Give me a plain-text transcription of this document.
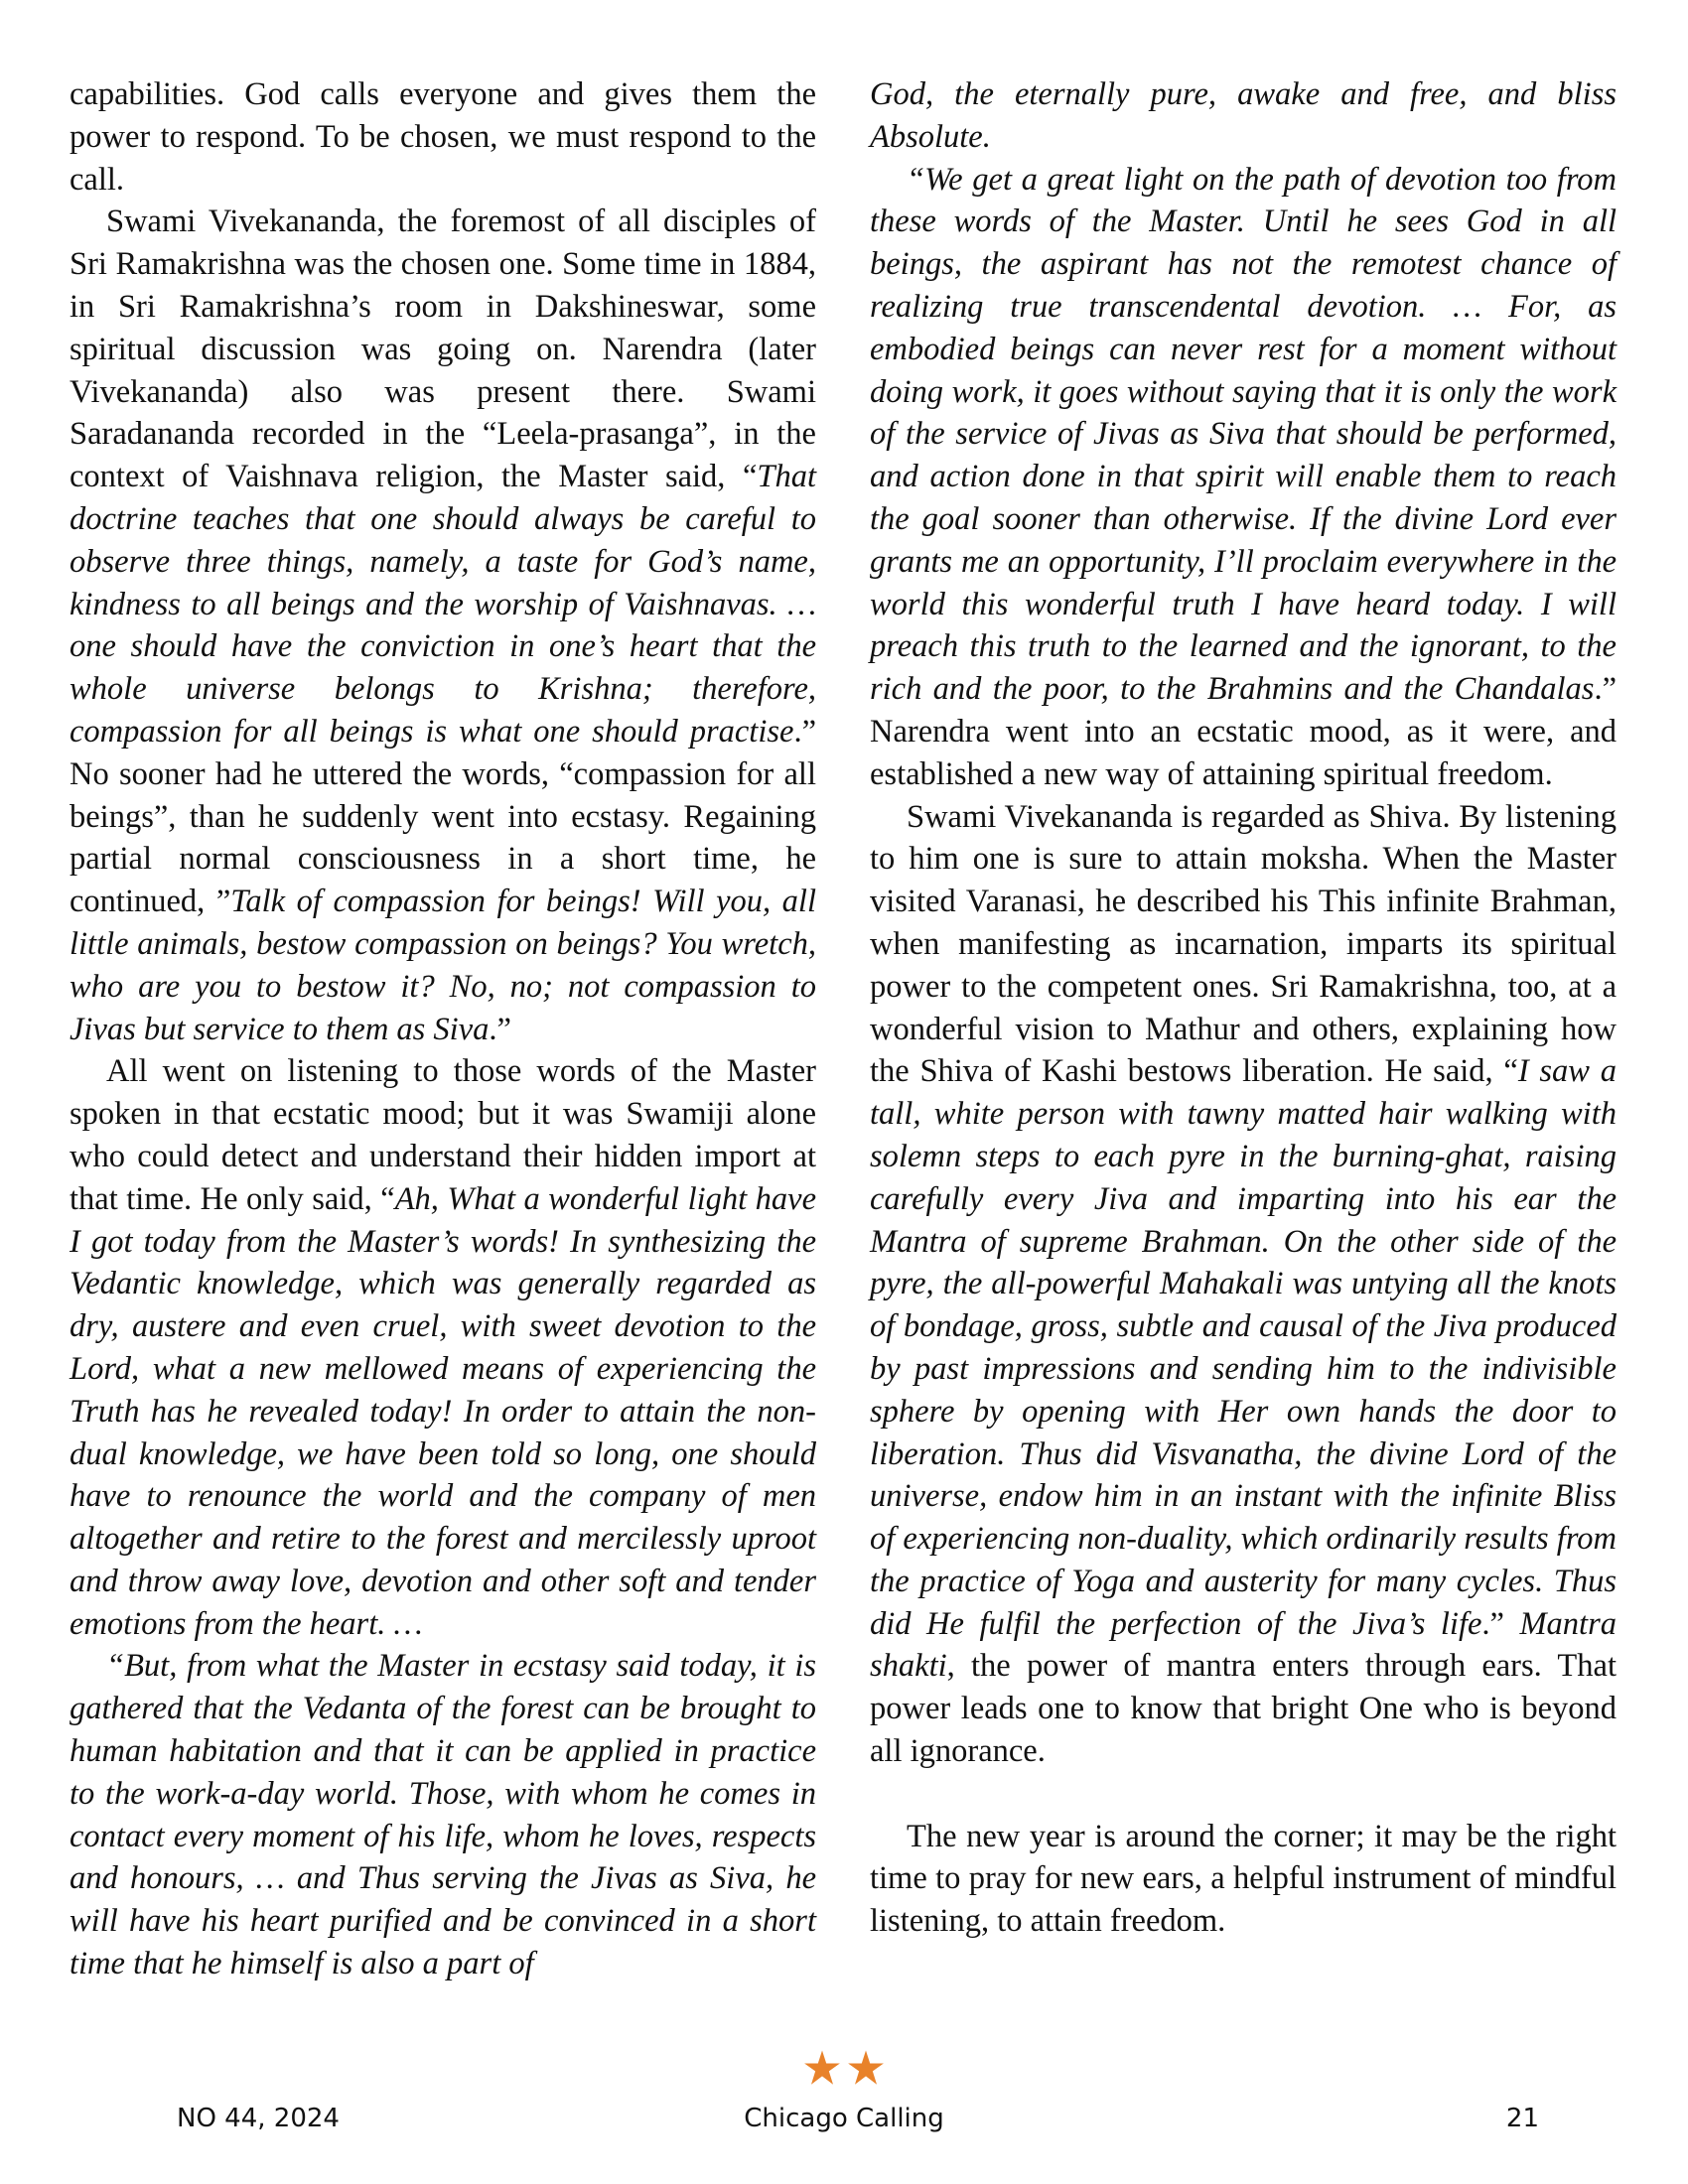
capabilities. God calls everyone and gives them the power to respond. To be chosen, we must respond to the call.

Swami Vivekananda, the foremost of all disciples of Sri Ramakrishna was the chosen one. Some time in 1884, in Sri Ramakrishna’s room in Dakshineswar, some spiritual discussion was going on. Narendra (later Vivekananda) also was present there. Swami Saradananda recorded in the “Leela-prasanga”, in the context of Vaishnava religion, the Master said, “That doctrine teaches that one should always be careful to observe three things, namely, a taste for God’s name, kindness to all beings and the worship of Vaishnavas. … one should have the conviction in one’s heart that the whole universe belongs to Krishna; therefore, compassion for all beings is what one should practise.” No sooner had he uttered the words, “compassion for all beings”, than he suddenly went into ecstasy. Regaining partial normal consciousness in a short time, he continued, ”Talk of compassion for beings! Will you, all little animals, bestow compassion on beings? You wretch, who are you to bestow it? No, no; not compassion to Jivas but service to them as Siva.”

All went on listening to those words of the Master spoken in that ecstatic mood; but it was Swamiji alone who could detect and understand their hidden import at that time. He only said, “Ah, What a wonderful light have I got today from the Master’s words! In synthesizing the Vedantic knowledge, which was generally regarded as dry, austere and even cruel, with sweet devotion to the Lord, what a new mellowed means of experiencing the Truth has he revealed today! In order to attain the non-dual knowledge, we have been told so long, one should have to renounce the world and the company of men altogether and retire to the forest and mercilessly uproot and throw away love, devotion and other soft and tender emotions from the heart. …

“But, from what the Master in ecstasy said today, it is gathered that the Vedanta of the forest can be brought to human habitation and that it can be applied in practice to the work-a-day world. Those, with whom he comes in contact every moment of his life, whom he loves, respects and honours, … and Thus serving the Jivas as Siva, he will have his heart purified and be convinced in a short time that he himself is also a part of

God, the eternally pure, awake and free, and bliss Absolute.

“We get a great light on the path of devotion too from these words of the Master. Until he sees God in all beings, the aspirant has not the remotest chance of realizing true transcendental devotion. … For, as embodied beings can never rest for a moment without doing work, it goes without saying that it is only the work of the service of Jivas as Siva that should be performed, and action done in that spirit will enable them to reach the goal sooner than otherwise. If the divine Lord ever grants me an opportunity, I’ll proclaim everywhere in the world this wonderful truth I have heard today. I will preach this truth to the learned and the ignorant, to the rich and the poor, to the Brahmins and the Chandalas.” Narendra went into an ecstatic mood, as it were, and established a new way of attaining spiritual freedom.

Swami Vivekananda is regarded as Shiva. By listening to him one is sure to attain moksha. When the Master visited Varanasi, he described his This infinite Brahman, when manifesting as incarnation, imparts its spiritual power to the competent ones. Sri Ramakrishna, too, at a wonderful vision to Mathur and others, explaining how the Shiva of Kashi bestows liberation. He said, “I saw a tall, white person with tawny matted hair walking with solemn steps to each pyre in the burning-ghat, raising carefully every Jiva and imparting into his ear the Mantra of supreme Brahman. On the other side of the pyre, the all-powerful Mahakali was untying all the knots of bondage, gross, subtle and causal of the Jiva produced by past impressions and sending him to the indivisible sphere by opening with Her own hands the door to liberation. Thus did Visvanatha, the divine Lord of the universe, endow him in an instant with the infinite Bliss of experiencing non-duality, which ordinarily results from the practice of Yoga and austerity for many cycles. Thus did He fulfil the perfection of the Jiva’s life.” Mantra shakti, the power of mantra enters through ears. That power leads one to know that bright One who is beyond all ignorance.

The new year is around the corner; it may be the right time to pray for new ears, a helpful instrument of mindful listening, to attain freedom.

NO 44, 2024	Chicago Calling	21
